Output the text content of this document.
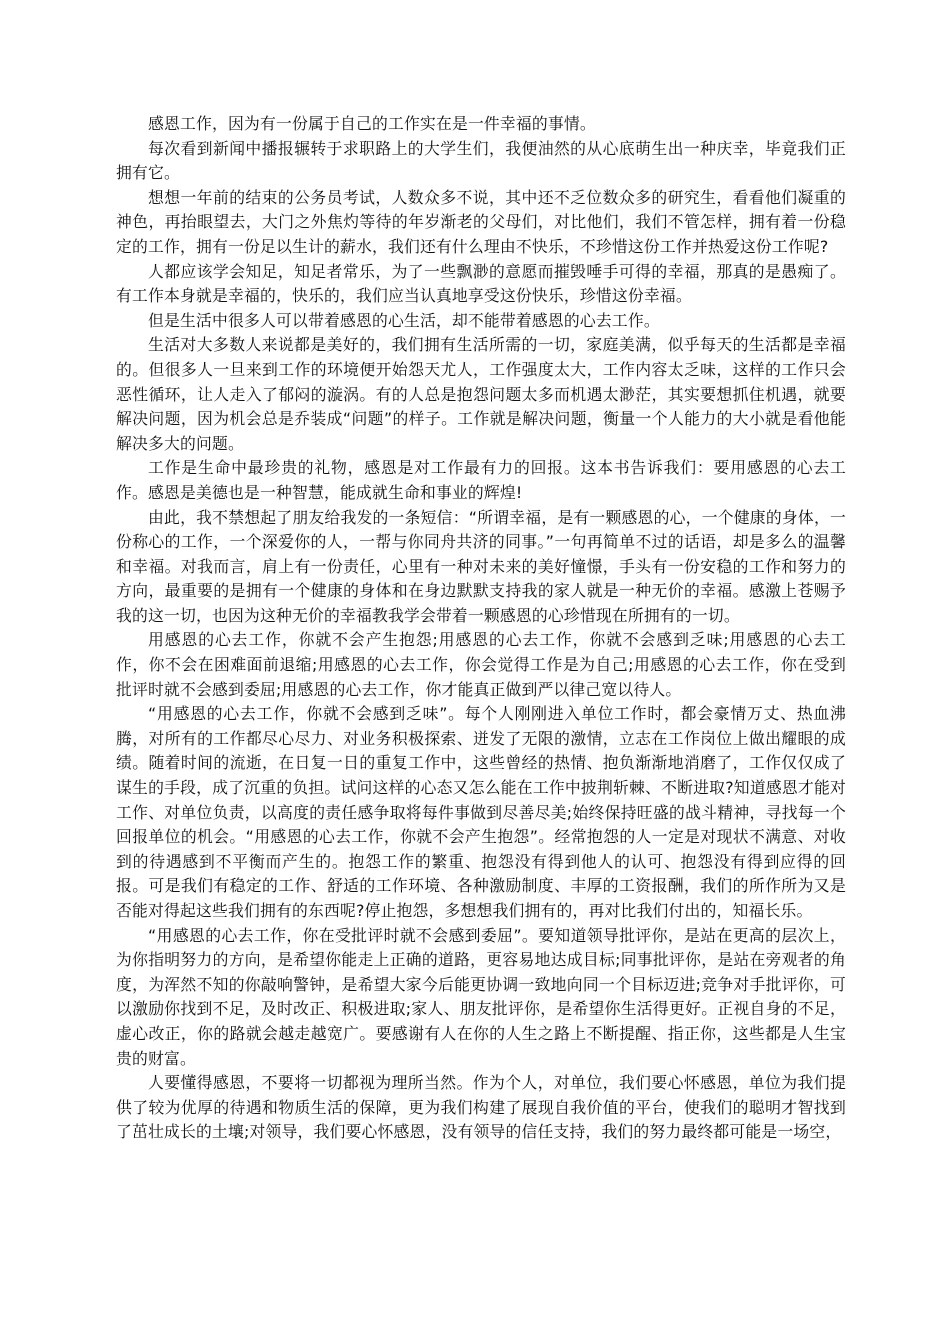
感恩工作，因为有一份属于自己的工作实在是一件幸福的事情。

每次看到新闻中播报辗转于求职路上的大学生们，我便油然的从心底萌生出一种庆幸，毕竟我们正拥有它。

想想一年前的结束的公务员考试，人数众多不说，其中还不乏位数众多的研究生，看看他们凝重的神色，再抬眼望去，大门之外焦灼等待的年岁渐老的父母们，对比他们，我们不管怎样，拥有着一份稳定的工作，拥有一份足以生计的薪水，我们还有什么理由不快乐，不珍惜这份工作并热爱这份工作呢?

人都应该学会知足，知足者常乐，为了一些飘渺的意愿而摧毁唾手可得的幸福，那真的是愚痴了。有工作本身就是幸福的，快乐的，我们应当认真地享受这份快乐，珍惜这份幸福。

但是生活中很多人可以带着感恩的心生活，却不能带着感恩的心去工作。

生活对大多数人来说都是美好的，我们拥有生活所需的一切，家庭美满，似乎每天的生活都是幸福的。但很多人一旦来到工作的环境便开始怨天尤人，工作强度太大，工作内容太乏味，这样的工作只会恶性循环，让人走入了郁闷的漩涡。有的人总是抱怨问题太多而机遇太渺茫，其实要想抓住机遇，就要解决问题，因为机会总是乔装成“问题”的样子。工作就是解决问题，衡量一个人能力的大小就是看他能解决多大的问题。

工作是生命中最珍贵的礼物，感恩是对工作最有力的回报。这本书告诉我们：要用感恩的心去工作。感恩是美德也是一种智慧，能成就生命和事业的辉煌!

由此，我不禁想起了朋友给我发的一条短信：“所谓幸福，是有一颗感恩的心，一个健康的身体，一份称心的工作，一个深爱你的人，一帮与你同舟共济的同事。”一句再简单不过的话语，却是多么的温馨和幸福。对我而言，肩上有一份责任，心里有一种对未来的美好憧憬，手头有一份安稳的工作和努力的方向，最重要的是拥有一个健康的身体和在身边默默支持我的家人就是一种无价的幸福。感激上苍赐予我的这一切，也因为这种无价的幸福教我学会带着一颗感恩的心珍惜现在所拥有的一切。

用感恩的心去工作，你就不会产生抱怨;用感恩的心去工作，你就不会感到乏味;用感恩的心去工作，你不会在困难面前退缩;用感恩的心去工作，你会觉得工作是为自己;用感恩的心去工作，你在受到批评时就不会感到委屈;用感恩的心去工作，你才能真正做到严以律己宽以待人。

“用感恩的心去工作，你就不会感到乏味”。每个人刚刚进入单位工作时，都会豪情万丈、热血沸腾，对所有的工作都尽心尽力、对业务积极探索、迸发了无限的激情，立志在工作岗位上做出耀眼的成绩。随着时间的流逝，在日复一日的重复工作中，这些曾经的热情、抱负渐渐地消磨了，工作仅仅成了谋生的手段，成了沉重的负担。试问这样的心态又怎么能在工作中披荆斩棘、不断进取?知道感恩才能对工作、对单位负责，以高度的责任感争取将每件事做到尽善尽美;始终保持旺盛的战斗精神，寻找每一个回报单位的机会。“用感恩的心去工作，你就不会产生抱怨”。经常抱怨的人一定是对现状不满意、对收到的待遇感到不平衡而产生的。抱怨工作的繁重、抱怨没有得到他人的认可、抱怨没有得到应得的回报。可是我们有稳定的工作、舒适的工作环境、各种激励制度、丰厚的工资报酬，我们的所作所为又是否能对得起这些我们拥有的东西呢?停止抱怨，多想想我们拥有的，再对比我们付出的，知福长乐。

“用感恩的心去工作，你在受批评时就不会感到委屈”。要知道领导批评你，是站在更高的层次上，为你指明努力的方向，是希望你能走上正确的道路，更容易地达成目标;同事批评你，是站在旁观者的角度，为浑然不知的你敲响警钟，是希望大家今后能更协调一致地向同一个目标迈进;竞争对手批评你，可以激励你找到不足，及时改正、积极进取;家人、朋友批评你，是希望你生活得更好。正视自身的不足，虚心改正，你的路就会越走越宽广。要感谢有人在你的人生之路上不断提醒、指正你，这些都是人生宝贵的财富。

人要懂得感恩，不要将一切都视为理所当然。作为个人，对单位，我们要心怀感恩，单位为我们提供了较为优厚的待遇和物质生活的保障，更为我们构建了展现自我价值的平台，使我们的聪明才智找到了茁壮成长的土壤;对领导，我们要心怀感恩，没有领导的信任支持，我们的努力最终都可能是一场空，
